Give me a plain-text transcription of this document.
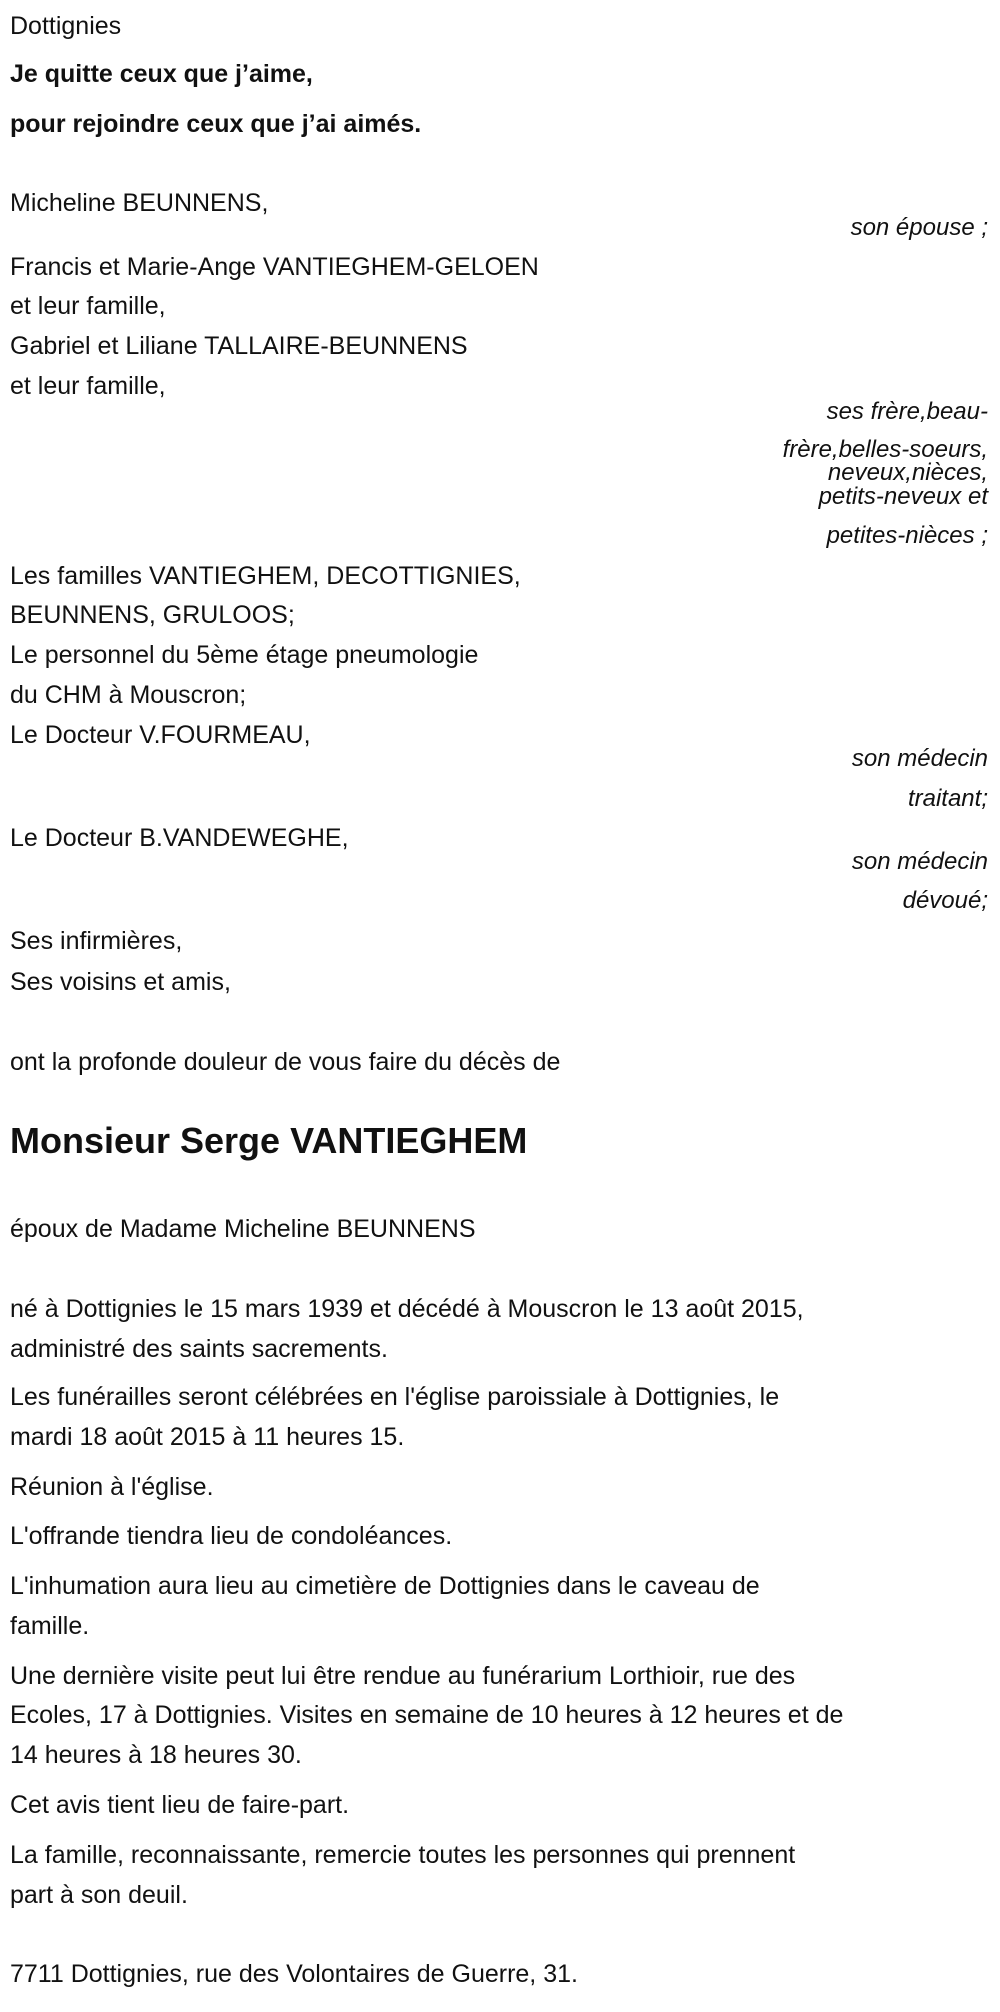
Dottignies
Je quitte ceux que j’aime,
pour rejoindre ceux que j’ai aimés.
Micheline BEUNNENS,
son épouse ;
Francis et Marie-Ange VANTIEGHEM-GELOEN
et leur famille,
Gabriel et Liliane TALLAIRE-BEUNNENS
et leur famille,
ses frère,beau-
frère,belles-soeurs,
neveux,nièces,
petits-neveux et
petites-nièces ;
Les familles VANTIEGHEM, DECOTTIGNIES,
BEUNNENS, GRULOOS;
Le personnel du 5ème étage pneumologie
du CHM à Mouscron;
Le Docteur V.FOURMEAU,
son médecin
traitant;
Le Docteur B.VANDEWEGHE,
son médecin
dévoué;
Ses infirmières,
Ses voisins et amis,
ont la profonde douleur de vous faire du décès de
Monsieur Serge VANTIEGHEM
époux de Madame Micheline BEUNNENS
né à Dottignies le 15 mars 1939 et décédé à Mouscron le 13 août 2015,
administré des saints sacrements.
Les funérailles seront célébrées en l'église paroissiale à Dottignies, le
mardi 18 août 2015 à 11 heures 15.
Réunion à l'église.
L'offrande tiendra lieu de condoléances.
L'inhumation aura lieu au cimetière de Dottignies dans le caveau de
famille.
Une dernière visite peut lui être rendue au funérarium Lorthioir, rue des
Ecoles, 17 à Dottignies. Visites en semaine de 10 heures à 12 heures et de
14 heures à 18 heures 30.
Cet avis tient lieu de faire-part.
La famille, reconnaissante, remercie toutes les personnes qui prennent
part à son deuil.
7711 Dottignies, rue des Volontaires de Guerre, 31.
